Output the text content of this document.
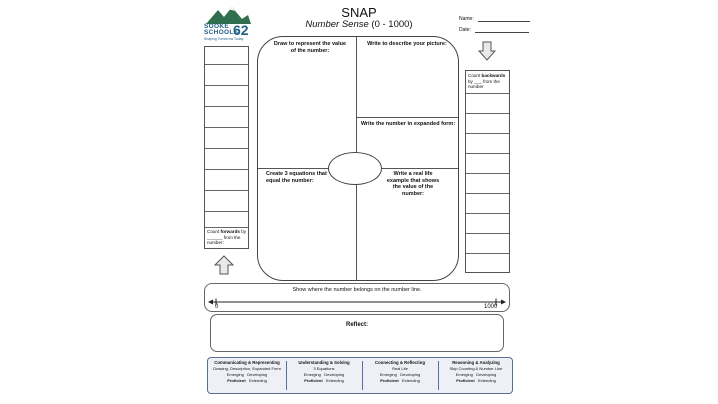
SOOKE
SCHOOLS
62
Shaping Tomorrow Today
SNAP
Number Sense (0 - 1000)	Name:
Date:
Count forwards by ______ from the number:
Count backwards by ___ from the number
Draw to represent the value of the number:
Write to describe your picture:
Write the number in expanded form:
Create 3 equations that equal the number:
Write a real life example that shows the value of the number:
Show where the number belongs on the number line.
0	1000
Reflect:
Communicating & Representing
Drawing, Description, Expanded Form
Emerging Developing
Proficient Extending
Understanding & Solving
3 Equations
Emerging Developing
Proficient Extending
Connecting & Reflecting
Real Life
Emerging Developing
Proficient Extending
Reasoning & Analyzing
Skip Counting & Number Line
Emerging Developing
Proficient Extending
